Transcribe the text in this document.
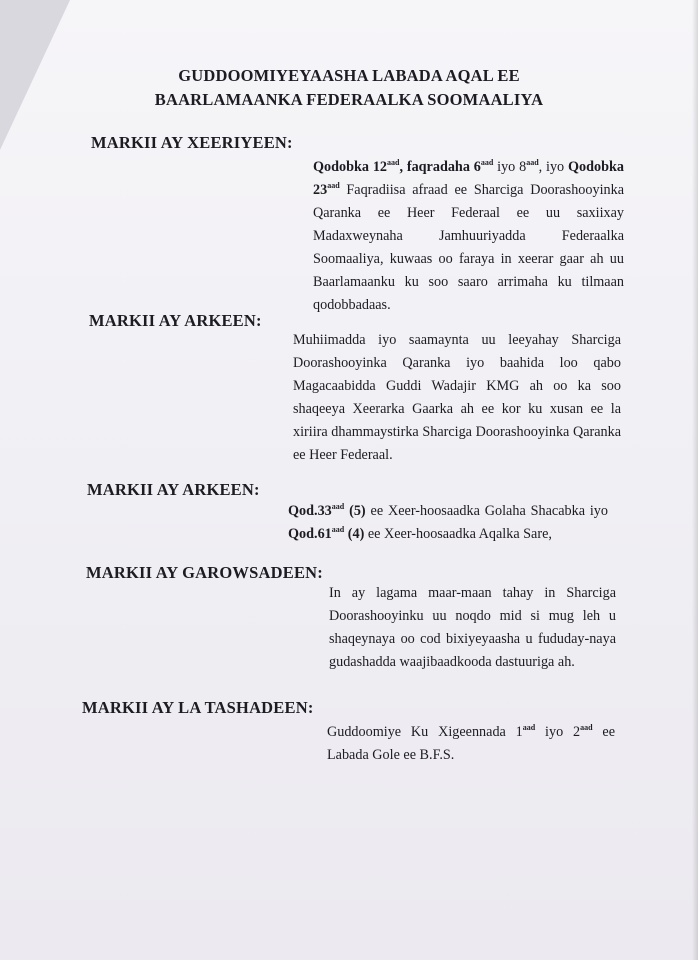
GUDDOOMIYEYAASHA LABADA AQAL EE
BAARLAMAANKA FEDERAALKA SOOMAALIYA
MARKII AY XEERIYEEN:
Qodobka $12^{aad}$, faqradaha $6^{aad}$ iyo $8^{aad}$, iyo Qodobka $23^{aad}$ Faqradiisa afraad ee Sharciga Doorashooyinka Qaranka ee Heer Federaal ee uu saxiixay Madaxweynaha Jamhuuriyadda Federaalka Soomaaliya, kuwaas oo faraya in xeerar gaar ah uu Baarlamaanku ku soo saaro arrimaha ku tilmaan qodobbadaas.
MARKII AY ARKEEN:
Muhiimadda iyo saamaynta uu leeyahay Sharciga Doorashooyinka Qaranka iyo baahida loo qabo Magacaabidda Guddi Wadajir KMG ah oo ka soo shaqeeya Xeerarka Gaarka ah ee kor ku xusan ee la xiriira dhammaystirka Sharciga Doorashooyinka Qaranka ee Heer Federaal.
MARKII AY ARKEEN:
Qod.33$^{aad}$ (5) ee Xeer-hoosaadka Golaha Shacabka iyo Qod.61$^{aad}$ (4) ee Xeer-hoosaadka Aqalka Sare,
MARKII AY GAROWSADEEN:
In ay lagama maar-maan tahay in Sharciga Doorashooyinku uu noqdo mid si mug leh u shaqeynaya oo cod bixiyeyaasha u fududay-naya gudashadda waajibaadkooda dastuuriga ah.
MARKII AY LA TASHADEEN:
Guddoomiye Ku Xigeennada $1^{aad}$ iyo $2^{aad}$ ee Labada Gole ee B.F.S.
